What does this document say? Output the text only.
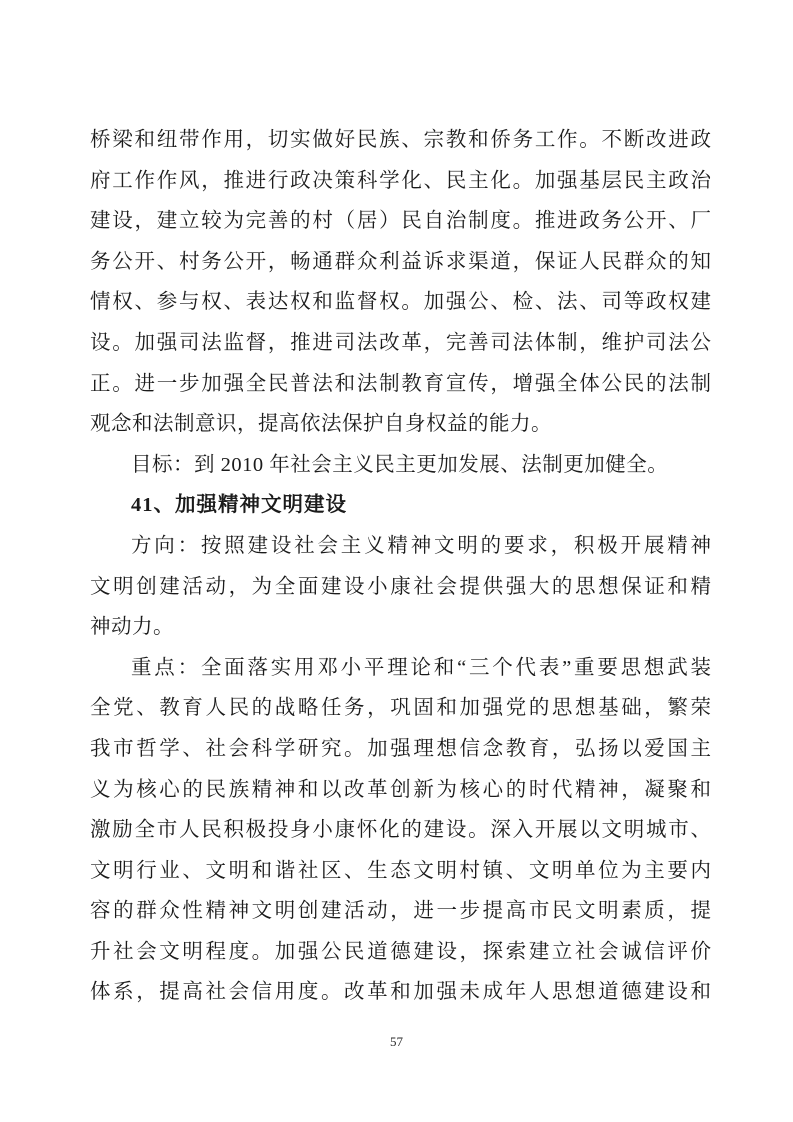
桥梁和纽带作用，切实做好民族、宗教和侨务工作。不断改进政
府工作作风，推进行政决策科学化、民主化。加强基层民主政治
建设，建立较为完善的村（居）民自治制度。推进政务公开、厂
务公开、村务公开，畅通群众利益诉求渠道，保证人民群众的知
情权、参与权、表达权和监督权。加强公、检、法、司等政权建
设。加强司法监督，推进司法改革，完善司法体制，维护司法公
正。进一步加强全民普法和法制教育宣传，增强全体公民的法制
观念和法制意识，提高依法保护自身权益的能力。
目标：到 2010 年社会主义民主更加发展、法制更加健全。
41、加强精神文明建设
方向：按照建设社会主义精神文明的要求，积极开展精神
文明创建活动，为全面建设小康社会提供强大的思想保证和精
神动力。
重点：全面落实用邓小平理论和“三个代表”重要思想武装
全党、教育人民的战略任务，巩固和加强党的思想基础，繁荣
我市哲学、社会科学研究。加强理想信念教育，弘扬以爱国主
义为核心的民族精神和以改革创新为核心的时代精神，凝聚和
激励全市人民积极投身小康怀化的建设。深入开展以文明城市、
文明行业、文明和谐社区、生态文明村镇、文明单位为主要内
容的群众性精神文明创建活动，进一步提高市民文明素质，提
升社会文明程度。加强公民道德建设，探索建立社会诚信评价
体系，提高社会信用度。改革和加强未成年人思想道德建设和
57
